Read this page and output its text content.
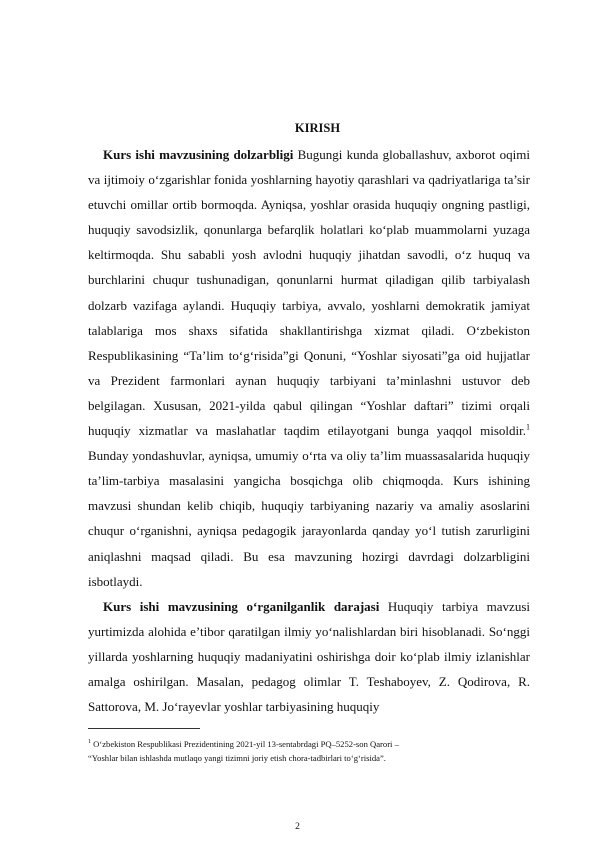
KIRISH

Kurs ishi mavzusining dolzarbligi Bugungi kunda globallashuv, axborot oqimi va ijtimoiy o‘zgarishlar fonida yoshlarning hayotiy qarashlari va qadriyatlariga ta’sir etuvchi omillar ortib bormoqda. Ayniqsa, yoshlar orasida huquqiy ongning pastligi, huquqiy savodsizlik, qonunlarga befarqlik holatlari ko‘plab muammolarni yuzaga keltirmoqda. Shu sababli yosh avlodni huquqiy jihatdan savodli, o‘z huquq va burchlarini chuqur tushunadigan, qonunlarni hurmat qiladigan qilib tarbiyalash dolzarb vazifaga aylandi. Huquqiy tarbiya, avvalo, yoshlarni demokratik jamiyat talablariga mos shaxs sifatida shakllantirishga xizmat qiladi. O‘zbekiston Respublikasining “Ta’lim to‘g‘risida”gi Qonuni, “Yoshlar siyosati”ga oid hujjatlar va Prezident farmonlari aynan huquqiy tarbiyani ta’minlashni ustuvor deb belgilagan. Xususan, 2021-yilda qabul qilingan “Yoshlar daftari” tizimi orqali huquqiy xizmatlar va maslahatlar taqdim etilayotgani bunga yaqqol misoldir.$^1$ Bunday yondashuvlar, ayniqsa, umumiy o‘rta va oliy ta’lim muassasalarida huquqiy ta’lim-tarbiya masalasini yangicha bosqichga olib chiqmoqda. Kurs ishining mavzusi shundan kelib chiqib, huquqiy tarbiyaning nazariy va amaliy asoslarini chuqur o‘rganishni, ayniqsa pedagogik jarayonlarda qanday yo‘l tutish zarurligini aniqlashni maqsad qiladi. Bu esa mavzuning hozirgi davrdagi dolzarbligini isbotlaydi.

Kurs ishi mavzusining o‘rganilganlik darajasi Huquqiy tarbiya mavzusi yurtimizda alohida e’tibor qaratilgan ilmiy yo‘nalishlardan biri hisoblanadi. So‘nggi yillarda yoshlarning huquqiy madaniyatini oshirishga doir ko‘plab ilmiy izlanishlar amalga oshirilgan. Masalan, pedagog olimlar T. Teshaboyev, Z. Qodirova, R. Sattorova, M. Jo‘rayevlar yoshlar tarbiyasining huquqiy

$^1$ O‘zbekiston Respublikasi Prezidentining 2021-yil 13-sentabrdagi PQ–5252-son Qarori –
“Yoshlar bilan ishlashda mutlaqo yangi tizimni joriy etish chora-tadbirlari to‘g‘risida”.
2
